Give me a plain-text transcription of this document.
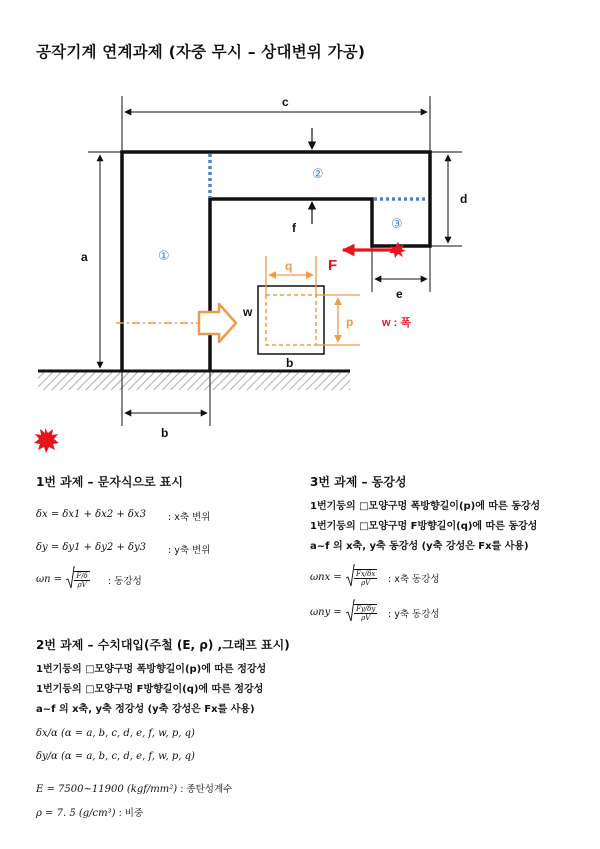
공작기계 연계과제 (자중 무시 – 상대변위 가공)
c
a
b
d
e
f
q
p
w
b
F
w : 폭
①
②
③
1번 과제 – 문자식으로 표시
δx = δx1 + δx2 + δx3 : x축 변위
δy = δy1 + δy2 + δy3 : y축 변위
$\omega n = \frac{F/\delta}{\rho V}$ : 동강성
3번 과제 – 동강성
1번기둥의 □모양구멍 폭방향길이(p)에 따른 동강성
1번기둥의 □모양구멍 F방향길이(q)에 따른 동강성
a~f 의 x축, y축 동강성 (y축 강성은 Fx를 사용)
$\omega nx = \frac{Fx/\delta x}{\rho V}$ : x축 동강성
$\omega ny = \frac{Fy/\delta y}{\rho V}$ : y축 동강성
2번 과제 – 수치대입(주철 (E, ρ) ,그래프 표시)
1번기둥의 □모양구멍 폭방향길이(p)에 따른 정강성
1번기둥의 □모양구멍 F방향길이(q)에 따른 정강성
a~f 의 x축, y축 정강성 (y축 강성은 Fx를 사용)
δx/α (α = a, b, c, d, e, f, w, p, q)
δy/α (α = a, b, c, d, e, f, w, p, q)
E = 7500~11900 (kgf/mm²) : 종탄성계수
ρ = 7. 5 (g/cm³) : 비중
